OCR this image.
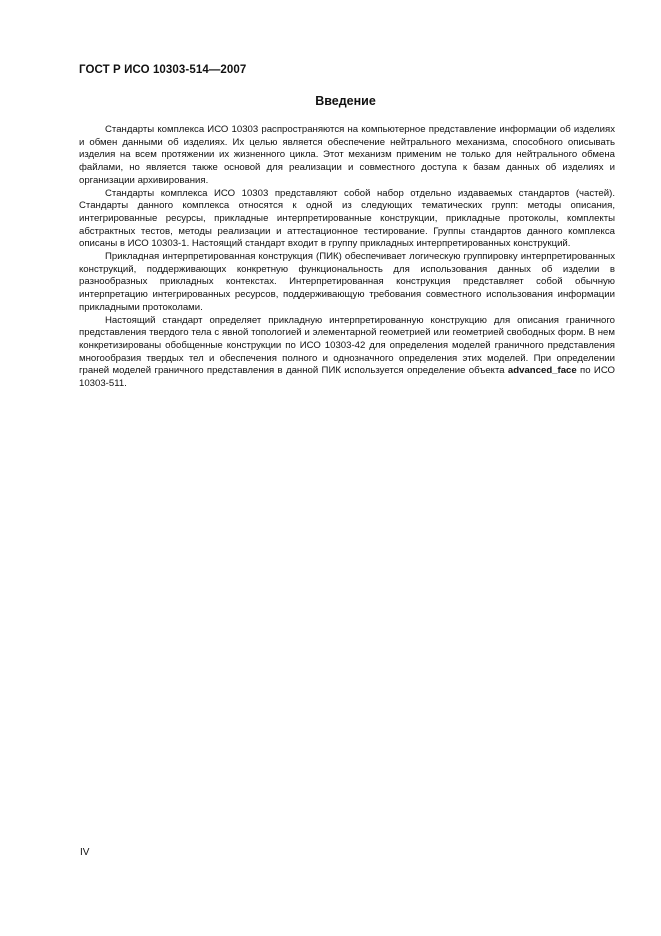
ГОСТ Р ИСО 10303-514—2007
Введение

Стандарты комплекса ИСО 10303 распространяются на компьютерное представление информации об изделиях и обмен данными об изделиях. Их целью является обеспечение нейтрального механизма, способного описывать изделия на всем протяжении их жизненного цикла. Этот механизм применим не только для нейтрального обмена файлами, но является также основой для реализации и совместного доступа к базам данных об изделиях и организации архивирования.

Стандарты комплекса ИСО 10303 представляют собой набор отдельно издаваемых стандартов (частей). Стандарты данного комплекса относятся к одной из следующих тематических групп: методы описания, интегрированные ресурсы, прикладные интерпретированные конструкции, прикладные протоколы, комплекты абстрактных тестов, методы реализации и аттестационное тестирование. Группы стандартов данного комплекса описаны в ИСО 10303-1. Настоящий стандарт входит в группу прикладных интерпретированных конструкций.

Прикладная интерпретированная конструкция (ПИК) обеспечивает логическую группировку интерпретированных конструкций, поддерживающих конкретную функциональность для использования данных об изделии в разнообразных прикладных контекстах. Интерпретированная конструкция представляет собой обычную интерпретацию интегрированных ресурсов, поддерживающую требования совместного использования информации прикладными протоколами.

Настоящий стандарт определяет прикладную интерпретированную конструкцию для описания граничного представления твердого тела с явной топологией и элементарной геометрией или геометрией свободных форм. В нем конкретизированы обобщенные конструкции по ИСО 10303-42 для определения моделей граничного представления многообразия твердых тел и обеспечения полного и однозначного определения этих моделей. При определении граней моделей граничного представления в данной ПИК используется определение объекта advanced_face по ИСО 10303-511.

IV
